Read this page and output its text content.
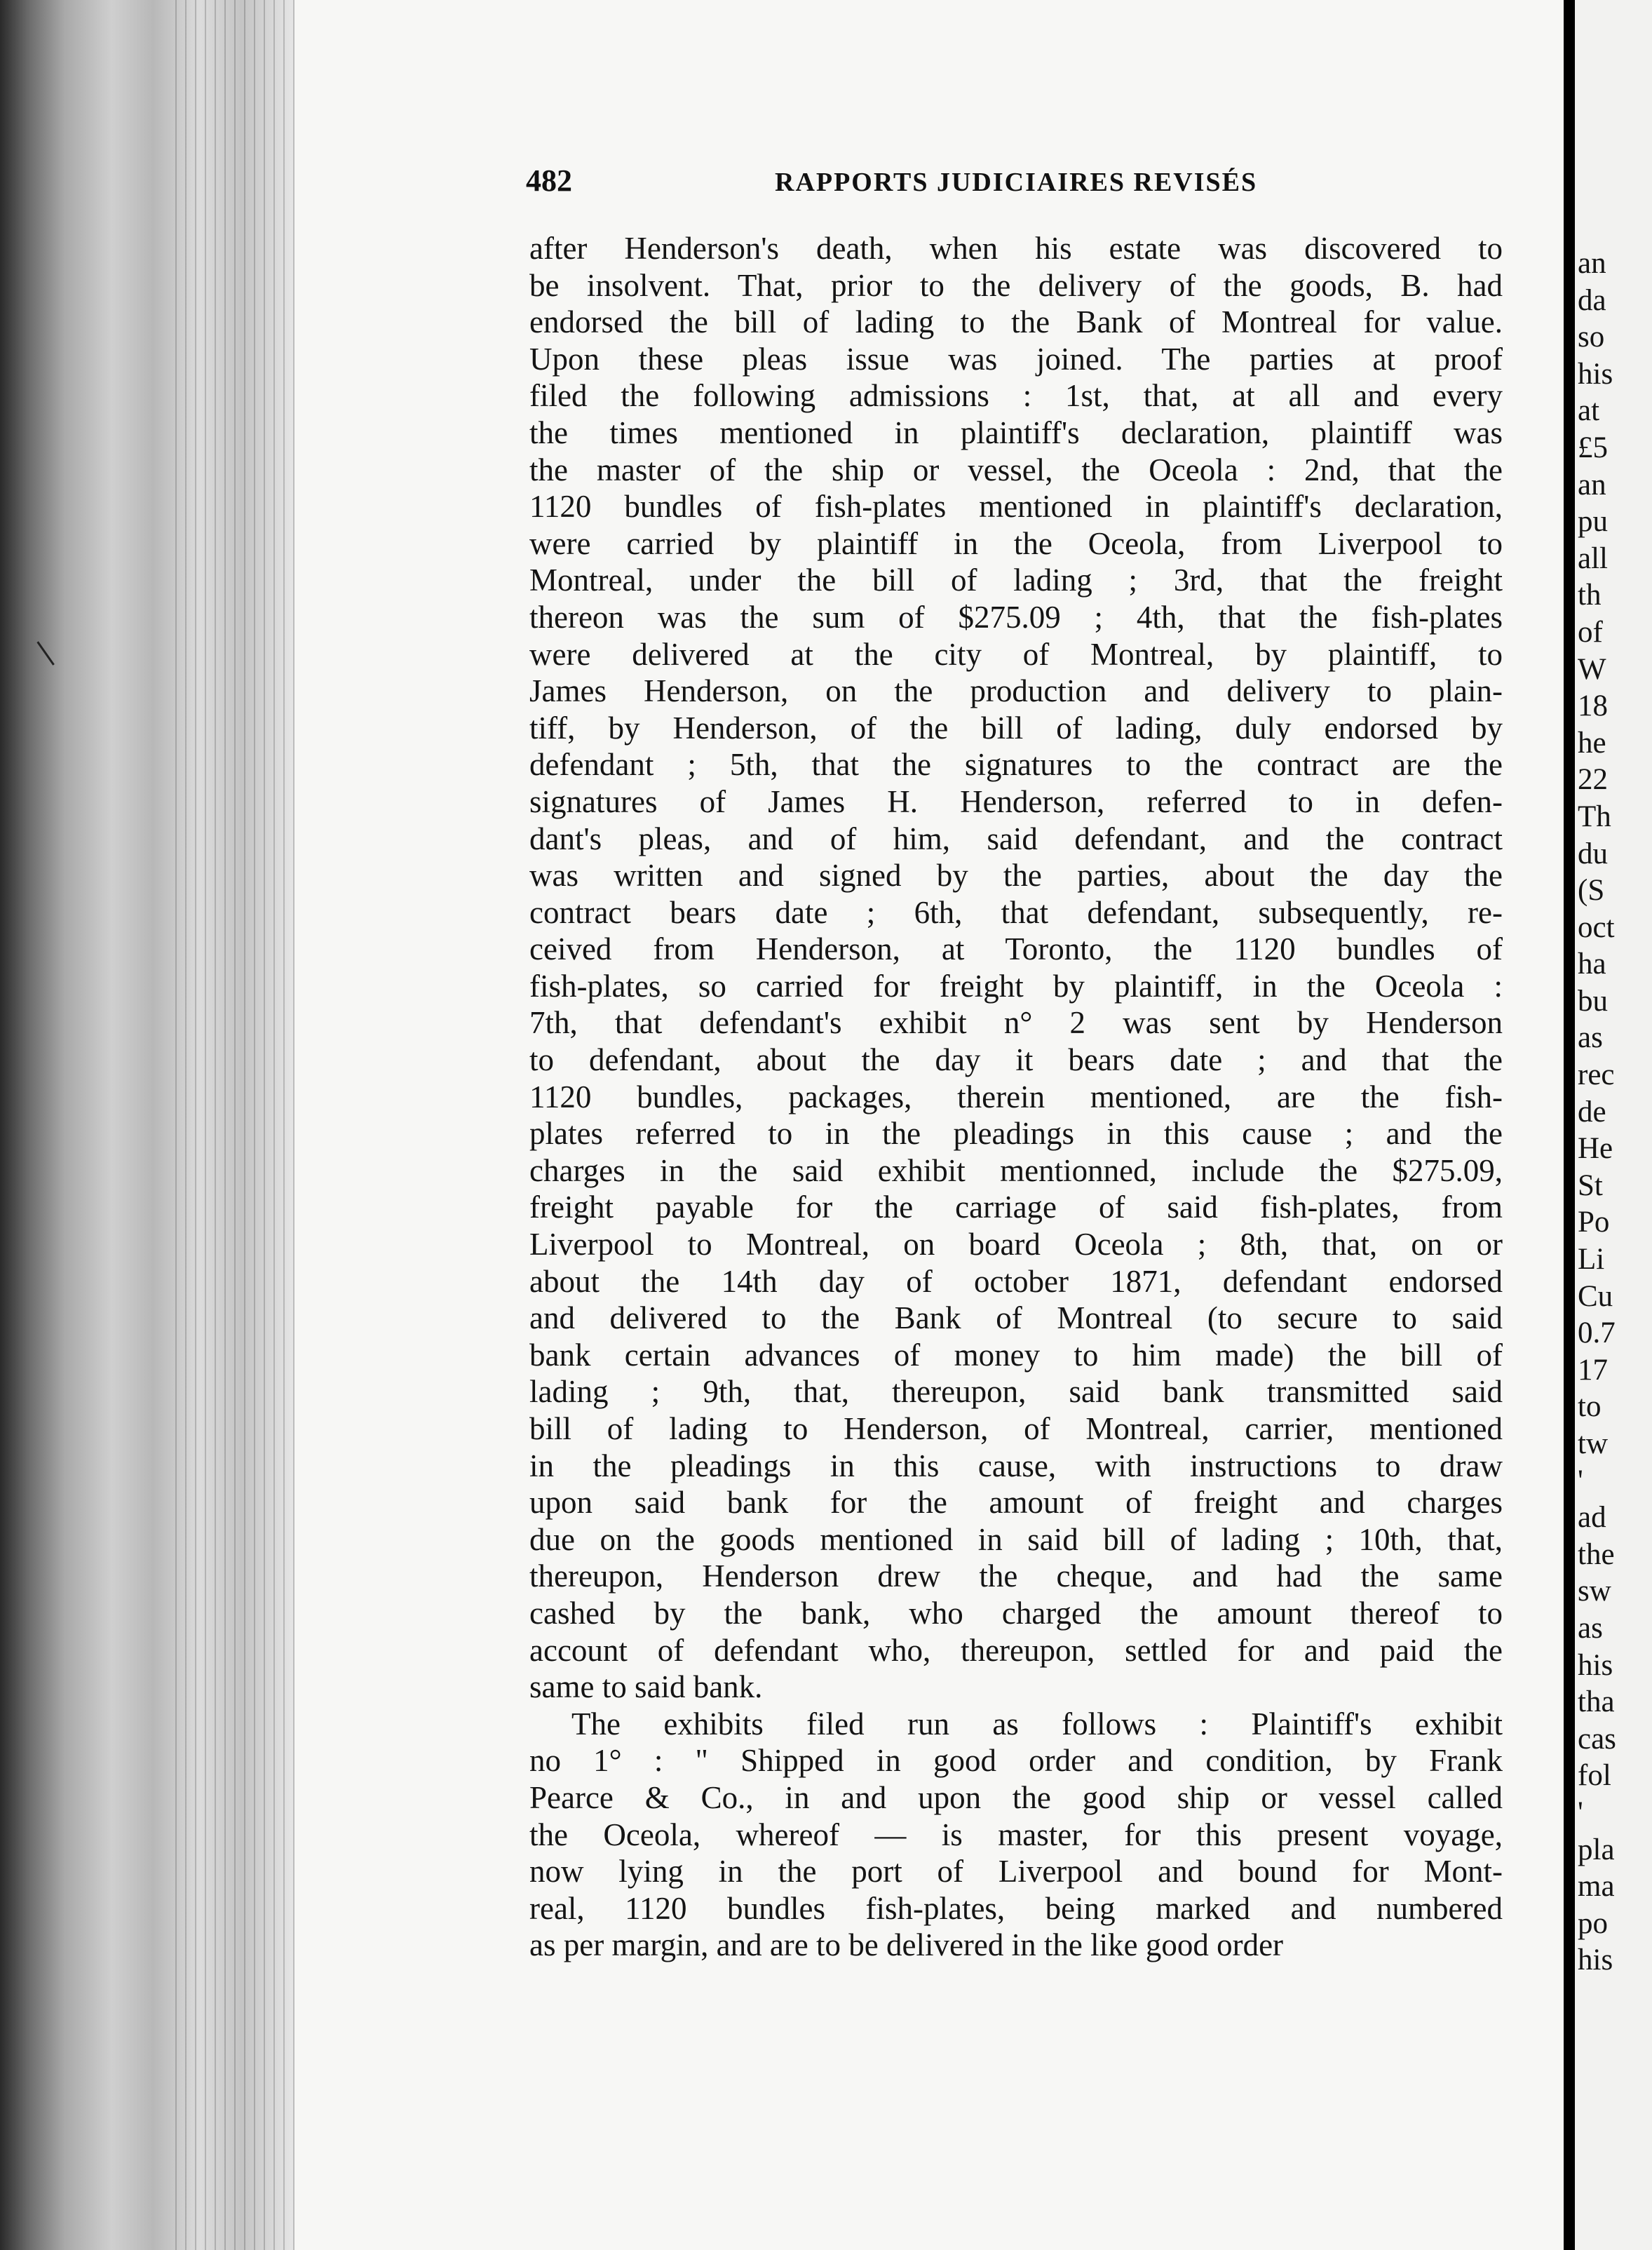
482	RAPPORTS JUDICIAIRES REVISÉS
after Henderson's death, when his estate was discovered to
be insolvent. That, prior to the delivery of the goods, B. had
endorsed the bill of lading to the Bank of Montreal for value.
Upon these pleas issue was joined. The parties at proof
filed the following admissions : 1st, that, at all and every
the times mentioned in plaintiff's declaration, plaintiff was
the master of the ship or vessel, the Oceola : 2nd, that the
1120 bundles of fish-plates mentioned in plaintiff's declaration,
were carried by plaintiff in the Oceola, from Liverpool to
Montreal, under the bill of lading ; 3rd, that the freight
thereon was the sum of $275.09 ; 4th, that the fish-plates
were delivered at the city of Montreal, by plaintiff, to
James Henderson, on the production and delivery to plain-
tiff, by Henderson, of the bill of lading, duly endorsed by
defendant ; 5th, that the signatures to the contract are the
signatures of James H. Henderson, referred to in defen-
dant's pleas, and of him, said defendant, and the contract
was written and signed by the parties, about the day the
contract bears date ; 6th, that defendant, subsequently, re-
ceived from Henderson, at Toronto, the 1120 bundles of
fish-plates, so carried for freight by plaintiff, in the Oceola :
7th, that defendant's exhibit n° 2 was sent by Henderson
to defendant, about the day it bears date ; and that the
1120 bundles, packages, therein mentioned, are the fish-
plates referred to in the pleadings in this cause ; and the
charges in the said exhibit mentionned, include the $275.09,
freight payable for the carriage of said fish-plates, from
Liverpool to Montreal, on board Oceola ; 8th, that, on or
about the 14th day of october 1871, defendant endorsed
and delivered to the Bank of Montreal (to secure to said
bank certain advances of money to him made) the bill of
lading ; 9th, that, thereupon, said bank transmitted said
bill of lading to Henderson, of Montreal, carrier, mentioned
in the pleadings in this cause, with instructions to draw
upon said bank for the amount of freight and charges
due on the goods mentioned in said bill of lading ; 10th, that,
thereupon, Henderson drew the cheque, and had the same
cashed by the bank, who charged the amount thereof to
account of defendant who, thereupon, settled for and paid the
same to said bank.
The exhibits filed run as follows : Plaintiff's exhibit
no 1° : " Shipped in good order and condition, by Frank
Pearce & Co., in and upon the good ship or vessel called
the Oceola, whereof — is master, for this present voyage,
now lying in the port of Liverpool and bound for Mont-
real, 1120 bundles fish-plates, being marked and numbered
as per margin, and are to be delivered in the like good order
an
da
so
his
at
£5
an
pu
all
th
of
W
18
he
22
Th
du
(S
oct
ha
bu
as
rec
de
He
St
Po
Li
Cu
0.7
17
to
tw
'
ad
the
sw
as
his
tha
cas
fol
'
pla
ma
po
his
